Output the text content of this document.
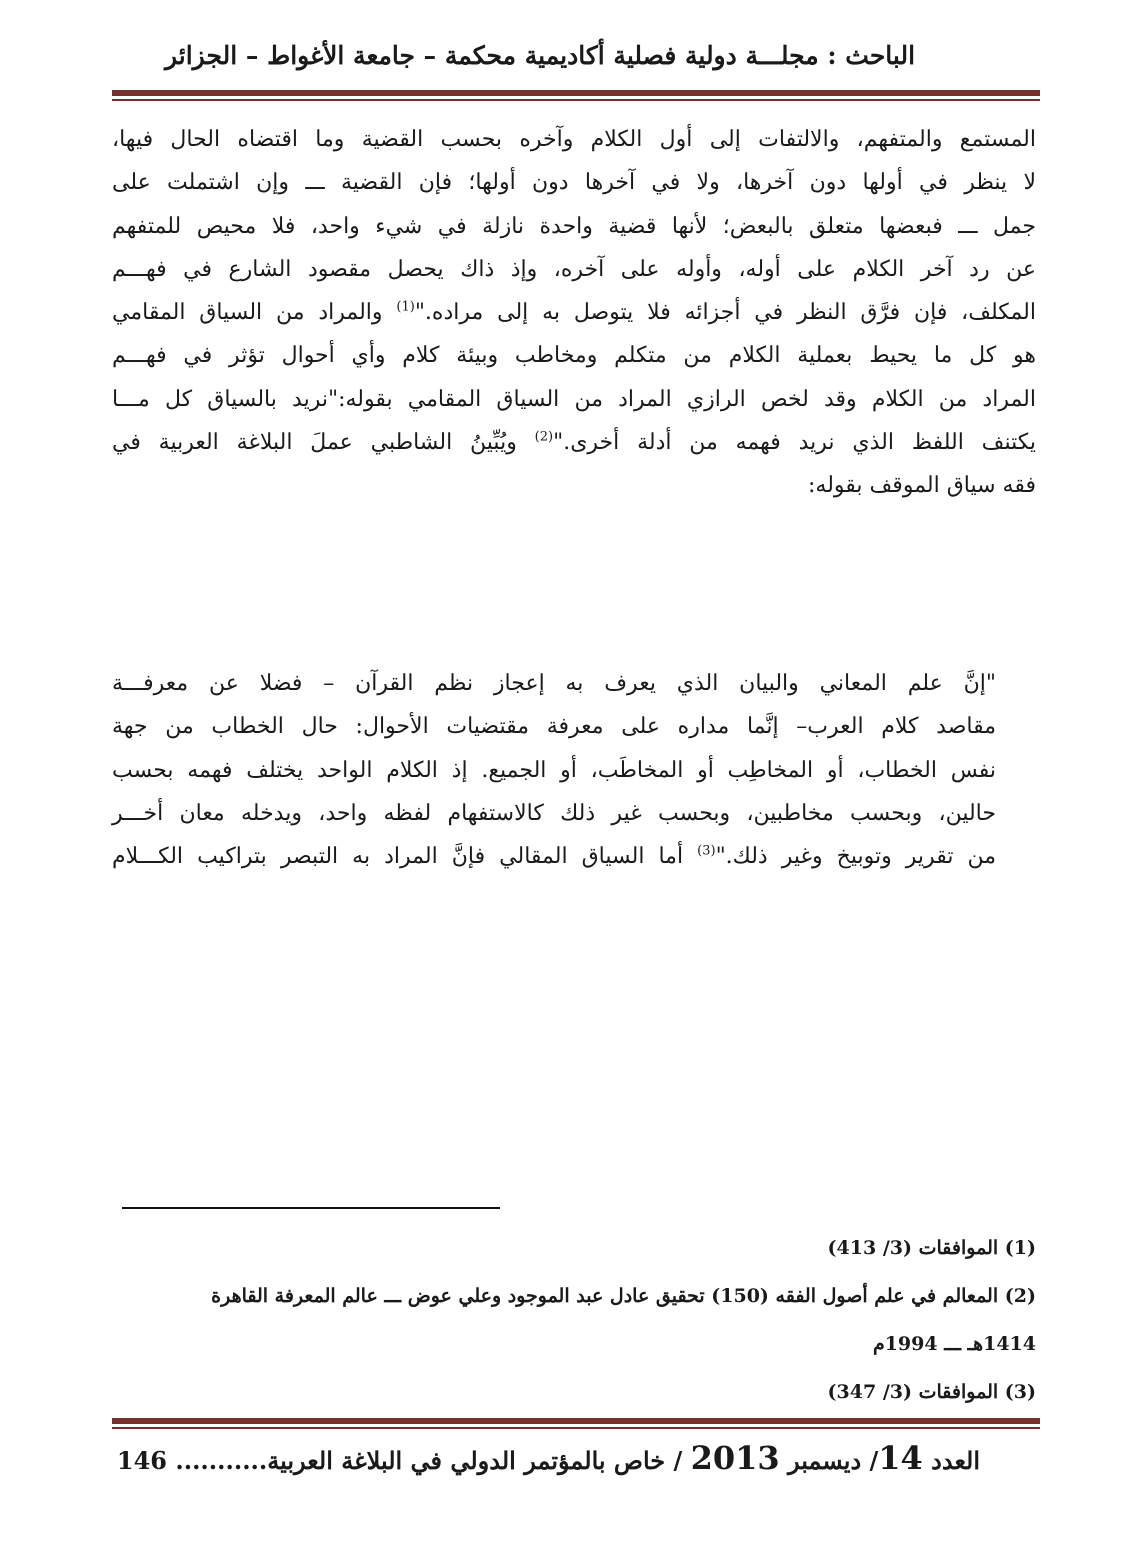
الباحث : مجلـــة دولية فصلية أكاديمية محكمة – جامعة الأغواط – الجزائر
المستمع والمتفهم، والالتفات إلى أول الكلام وآخره بحسب القضية وما اقتضاه الحال فيها،
لا ينظر في أولها دون آخرها، ولا في آخرها دون أولها؛ فإن القضية ـــ وإن اشتملت على
جمل ـــ فبعضها متعلق بالبعض؛ لأنها قضية واحدة نازلة في شيء واحد، فلا محيص للمتفهم
عن رد آخر الكلام على أوله، وأوله على آخره، وإذ ذاك يحصل مقصود الشارع في فهـــم
المكلف، فإن فرَّق النظر في أجزائه فلا يتوصل به إلى مراده."$^{(1)}$ والمراد من السياق المقامي
هو كل ما يحيط بعملية الكلام من متكلم ومخاطب وبيئة كلام وأي أحوال تؤثر في فهـــم
المراد من الكلام وقد لخص الرازي المراد من السياق المقامي بقوله:"نريد بالسياق كل مـــا
يكتنف اللفظ الذي نريد فهمه من أدلة أخرى."$^{(2)}$ ويُبِّينُ الشاطبي عملَ البلاغة العربية في
فقه سياق الموقف بقوله:
"إنَّ علم المعاني والبيان الذي يعرف به إعجاز نظم القرآن – فضلا عن معرفـــة
مقاصد كلام العرب– إنَّما مداره على معرفة مقتضيات الأحوال: حال الخطاب من جهة
نفس الخطاب، أو المخاطِب أو المخاطَب، أو الجميع. إذ الكلام الواحد يختلف فهمه بحسب
حالين، وبحسب مخاطبين، وبحسب غير ذلك كالاستفهام لفظه واحد، ويدخله معان أخـــر
من تقرير وتوبيخ وغير ذلك."$^{(3)}$ أما السياق المقالي فإنَّ المراد به التبصر بتراكيب الكـــلام
(1) الموافقات (3/ 413)
(2) المعالم في علم أصول الفقه (150) تحقيق عادل عبد الموجود وعلي عوض ـــ عالم المعرفة القاهرة
1414هـ ـــ 1994م
(3) الموافقات (3/ 347)
العدد 14/ ديسمبر 2013 / خاص بالمؤتمر الدولي في البلاغة العربية........... 146
